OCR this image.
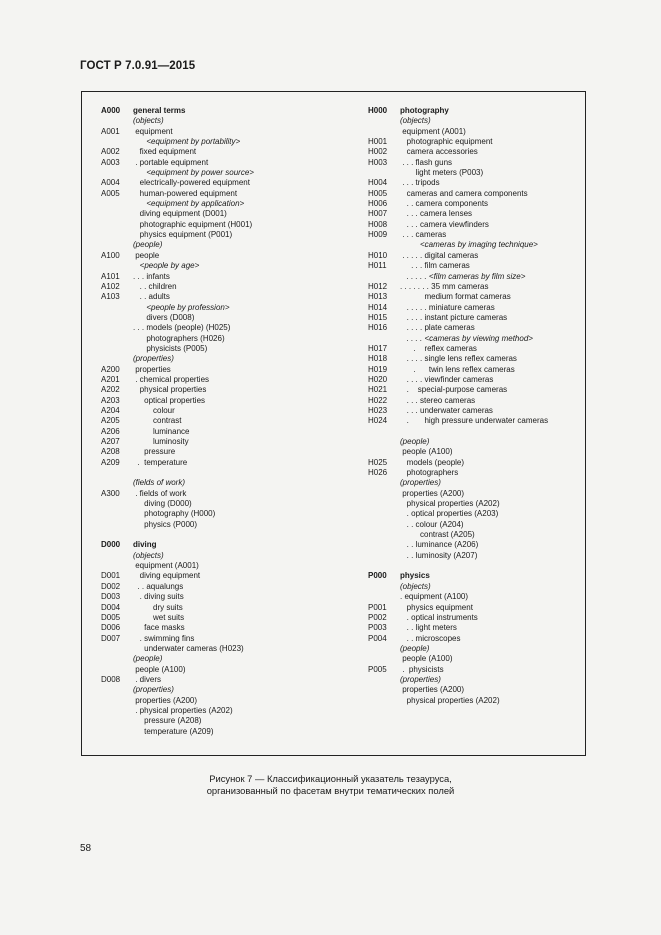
ГОСТ Р 7.0.91—2015
A000 general terms
(objects)
A001 equipment
<equipment by portability>
A002 fixed equipment
A003 . portable equipment
<equipment by power source>
A004 electrically-powered equipment
A005 human-powered equipment
<equipment by application>
diving equipment (D001)
photographic equipment (H001)
physics equipment (P001)
(people)
A100 people
<people by age>
A101 . . . infants
A102 . . children
A103 . . adults
<people by profession>
divers (D008)
. . . models (people) (H025)
photographers (H026)
physicists (P005)
(properties)
A200 properties
A201 . chemical properties
A202 physical properties
A203 optical properties
A204 colour
A205 contrast
A206 luminance
A207 luminosity
A208 pressure
A209 .  temperature
(fields of work)
A300 . fields of work
diving (D000)
photography (H000)
physics (P000)
D000 diving
(objects)
equipment (A001)
D001 diving equipment
D002 . . aqualungs
D003 . diving suits
D004 dry suits
D005 wet suits
D006 face masks
D007 . swimming fins
underwater cameras (H023)
(people)
people (A100)
D008 . divers
(properties)
properties (A200)
. physical properties (A202)
pressure (A208)
temperature (A209)
H000 photography
(objects)
equipment (A001)
H001 photographic equipment
H002 camera accessories
H003 . . . flash guns
light meters (P003)
H004 . . . tripods
H005 cameras and camera components
H006 . . camera components
H007 . . . camera lenses
H008 . . . camera viewfinders
H009 . . . cameras
<cameras by imaging technique>
H010 . . . . . digital cameras
H011 . . . film cameras
. . . . . <film cameras by film size>
H012 . . . . . . . 35 mm cameras
H013 medium format cameras
H014 . . . . . miniature cameras
H015 . . . . instant picture cameras
H016 . . . . plate cameras
. . . . <cameras by viewing method>
H017 .    reflex cameras
H018 . . . . single lens reflex cameras
H019 .      twin lens reflex cameras
H020 . . . . viewfinder cameras
H021 .    special-purpose cameras
H022 . . . stereo cameras
H023 . . . underwater cameras
H024 .       high pressure underwater cameras
(people)
people (A100)
H025 models (people)
H026 photographers
(properties)
properties (A200)
physical properties (A202)
. optical properties (A203)
. . colour (A204)
contrast (A205)
. . luminance (A206)
. . luminosity (A207)
P000 physics
(objects)
. equipment (A100)
P001 physics equipment
P002 . optical instruments
P003 . . light meters
P004 . . microscopes
(people)
people (A100)
P005 .  physicists
(properties)
properties (A200)
physical properties (A202)
Рисунок 7 — Классификационный указатель тезауруса,
организованный по фасетам внутри тематических полей
58
